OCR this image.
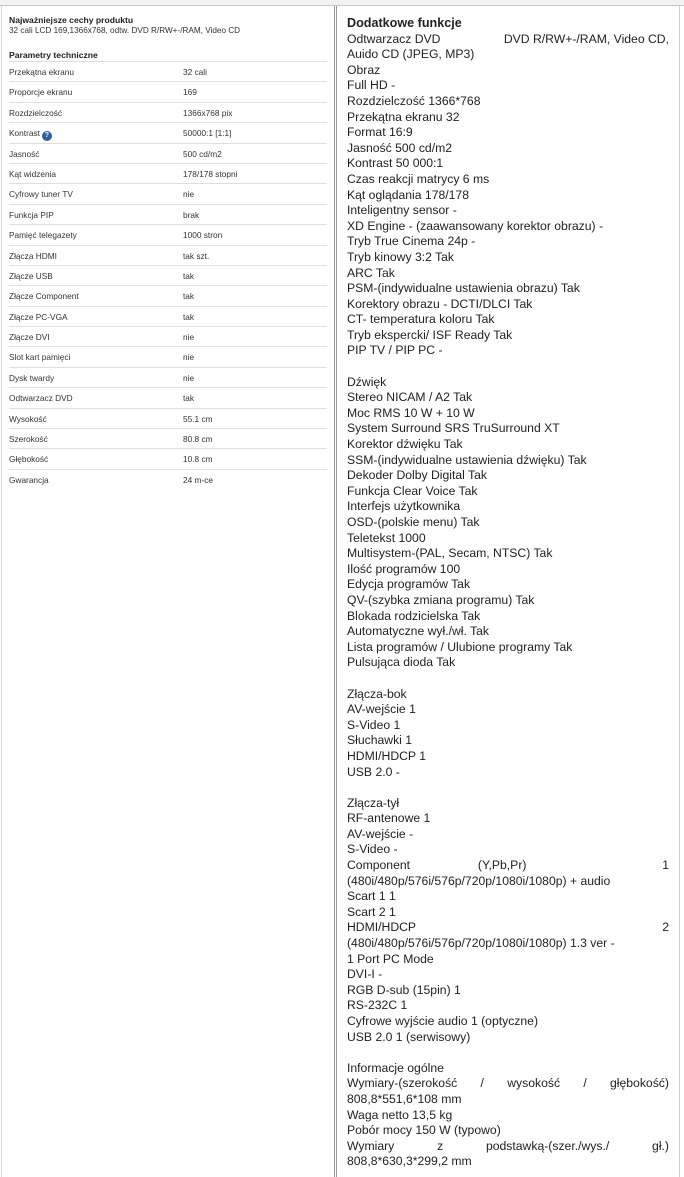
Najważniejsze cechy produktu
32 cali LCD 169,1366x768, odtw. DVD R/RW+-/RAM, Video CD
Parametry techniczne
Przekątna ekranu	32 cali
Proporcje ekranu	169
Rozdzielczość	1366x768 pix
Kontrast ?	50000:1 [1:1]
Jasność	500 cd/m2
Kąt widzenia	178/178 stopni
Cyfrowy tuner TV	nie
Funkcja PIP	brak
Pamięć telegazety	1000 stron
Złącza HDMI	tak szt.
Złącze USB	tak
Złącze Component	tak
Złącze PC-VGA	tak
Złącze DVI	nie
Slot kart pamięci	nie
Dysk twardy	nie
Odtwarzacz DVD	tak
Wysokość	55.1 cm
Szerokość	80.8 cm
Głębokość	10.8 cm
Gwarancja	24 m-ce
Dodatkowe funkcje
Odtwarzacz DVD	DVD R/RW+-/RAM, Video CD,
Auido CD (JPEG, MP3)
Obraz
Full HD -
Rozdzielczość 1366*768
Przekątna ekranu 32
Format 16:9
Jasność 500 cd/m2
Kontrast 50 000:1
Czas reakcji matrycy 6 ms
Kąt oglądania 178/178
Inteligentny sensor -
XD Engine - (zaawansowany korektor obrazu) -
Tryb True Cinema 24p -
Tryb kinowy 3:2 Tak
ARC Tak
PSM-(indywidualne ustawienia obrazu) Tak
Korektory obrazu - DCTI/DLCI Tak
CT- temperatura koloru Tak
Tryb ekspercki/ ISF Ready Tak
PIP TV / PIP PC -
Dźwięk
Stereo NICAM / A2 Tak
Moc RMS 10 W + 10 W
System Surround SRS TruSurround XT
Korektor dźwięku Tak
SSM-(indywidualne ustawienia dźwięku) Tak
Dekoder Dolby Digital Tak
Funkcja Clear Voice Tak
Interfejs użytkownika
OSD-(polskie menu) Tak
Teletekst 1000
Multisystem-(PAL, Secam, NTSC) Tak
Ilość programów 100
Edycja programów Tak
QV-(szybka zmiana programu) Tak
Blokada rodzicielska Tak
Automatyczne wył./wł. Tak
Lista programów / Ulubione programy Tak
Pulsująca dioda Tak
Złącza-bok
AV-wejście 1
S-Video 1
Słuchawki 1
HDMI/HDCP 1
USB 2.0 -
Złącza-tył
RF-antenowe 1
AV-wejście -
S-Video -
Component	(Y,Pb,Pr)	1
(480i/480p/576i/576p/720p/1080i/1080p) + audio
Scart 1 1
Scart 2 1
HDMI/HDCP	2
(480i/480p/576i/576p/720p/1080i/1080p) 1.3 ver -
1 Port PC Mode
DVI-I -
RGB D-sub (15pin) 1
RS-232C 1
Cyfrowe wyjście audio 1 (optyczne)
USB 2.0 1 (serwisowy)
Informacje ogólne
Wymiary-(szerokość / wysokość / głębokość)
808,8*551,6*108 mm
Waga netto 13,5 kg
Pobór mocy 150 W (typowo)
Wymiary	z	podstawką-(szer./wys./	gł.)
808,8*630,3*299,2 mm
